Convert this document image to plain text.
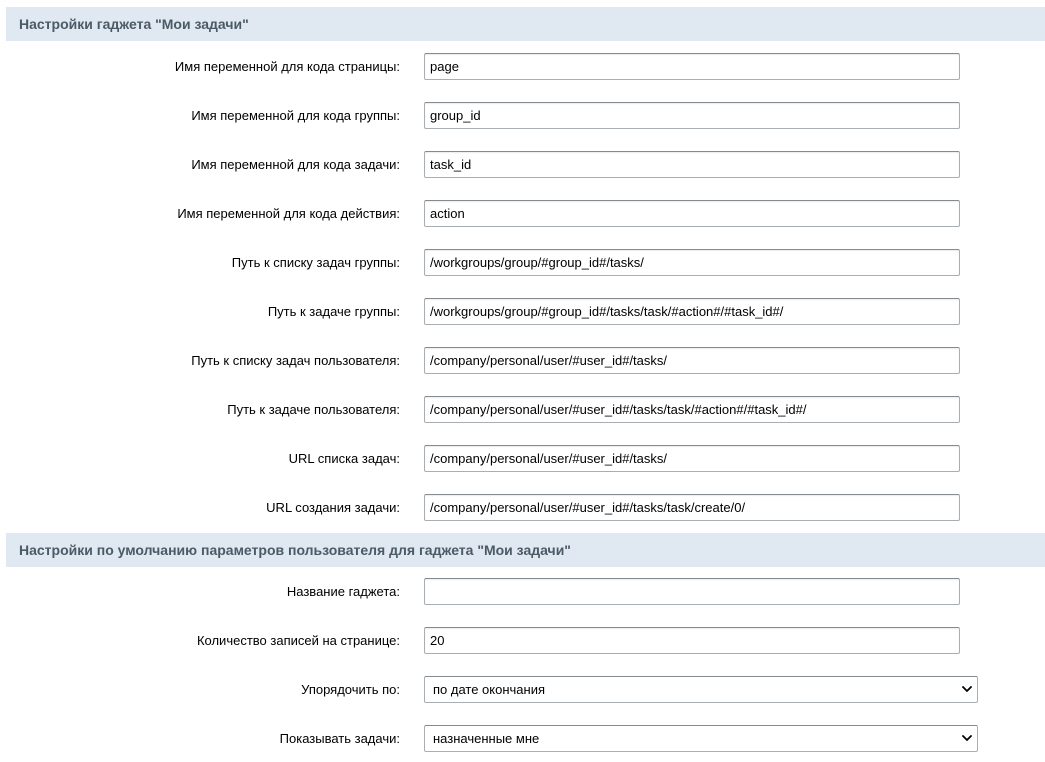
Настройки гаджета "Мои задачи"
Имя переменной для кода страницы:
page
Имя переменной для кода группы:
group_id
Имя переменной для кода задачи:
task_id
Имя переменной для кода действия:
action
Путь к списку задач группы:
/workgroups/group/#group_id#/tasks/
Путь к задаче группы:
/workgroups/group/#group_id#/tasks/task/#action#/#task_id#/
Путь к списку задач пользователя:
/company/personal/user/#user_id#/tasks/
Путь к задаче пользователя:
/company/personal/user/#user_id#/tasks/task/#action#/#task_id#/
URL списка задач:
/company/personal/user/#user_id#/tasks/
URL создания задачи:
/company/personal/user/#user_id#/tasks/task/create/0/
Настройки по умолчанию параметров пользователя для гаджета "Мои задачи"
Название гаджета:
Количество записей на странице:
20
Упорядочить по:	по дате окончания
Показывать задачи:	назначенные мне
